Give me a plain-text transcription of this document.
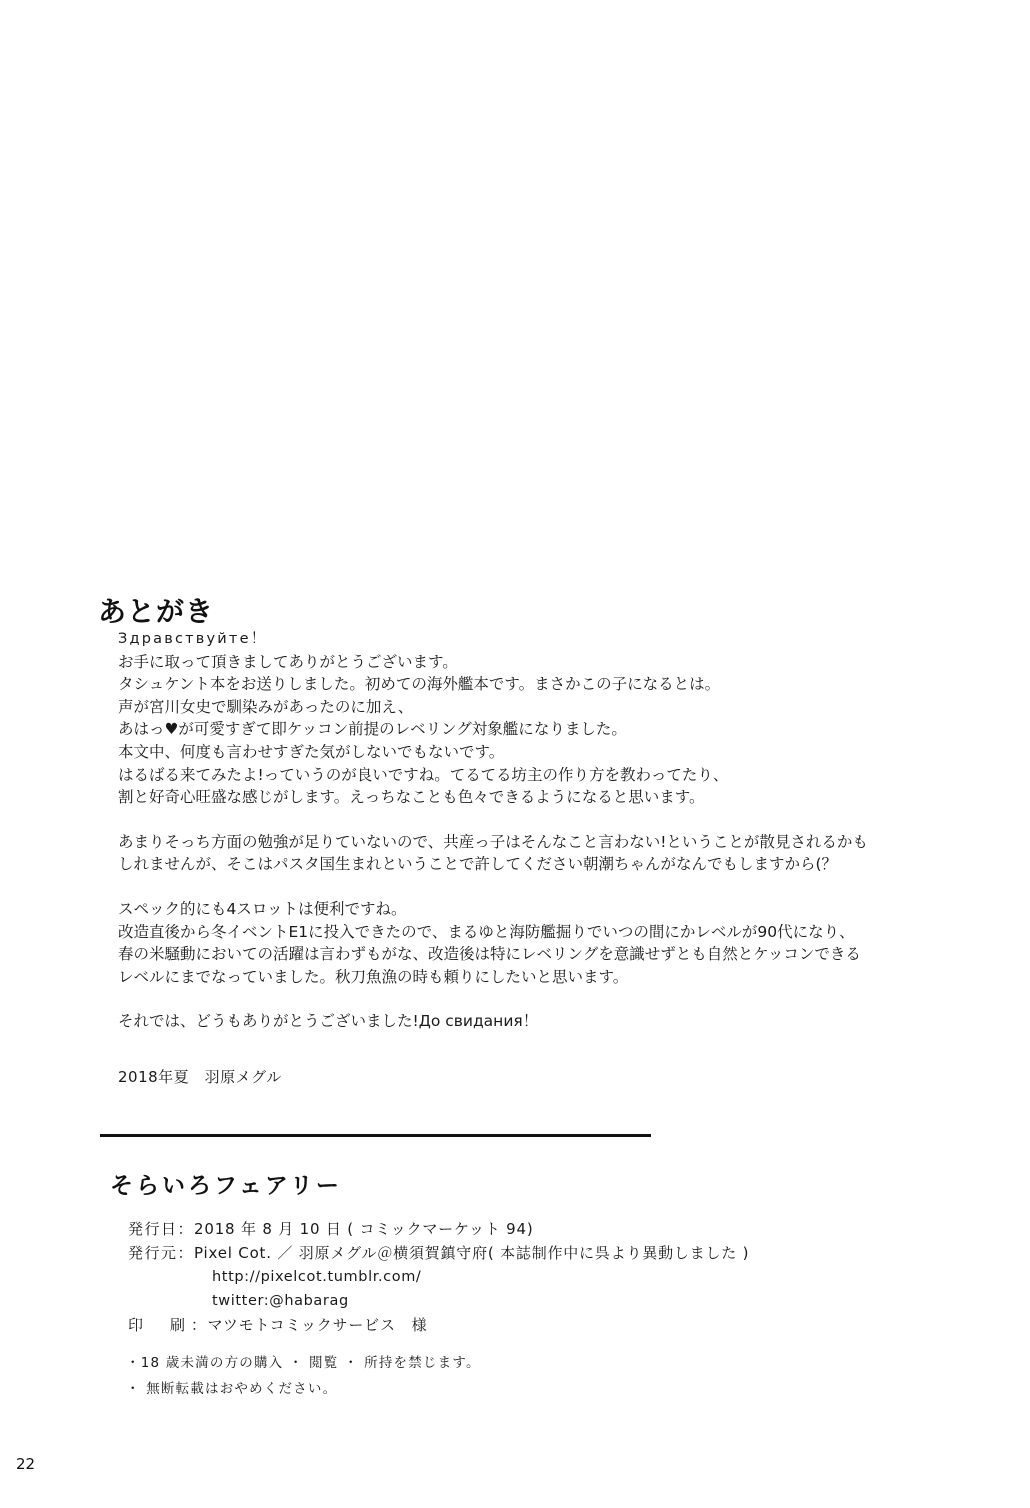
あとがき

Здравствуйте！

お手に取って頂きましてありがとうございます。

タシュケント本をお送りしました。初めての海外艦本です。まさかこの子になるとは。

声が宮川女史で馴染みがあったのに加え、

あはっ♥が可愛すぎて即ケッコン前提のレベリング対象艦になりました。

本文中、何度も言わせすぎた気がしないでもないです。

はるばる来てみたよ!っていうのが良いですね。てるてる坊主の作り方を教わってたり、

割と好奇心旺盛な感じがします。えっちなことも色々できるようになると思います。

あまりそっち方面の勉強が足りていないので、共産っ子はそんなこと言わない!ということが散見されるかも

しれませんが、そこはパスタ国生まれということで許してください朝潮ちゃんがなんでもしますから(？

スペック的にも4スロットは便利ですね。

改造直後から冬イベントE1に投入できたので、まるゆと海防艦掘りでいつの間にかレベルが90代になり、

春の米騒動においての活躍は言わずもがな、改造後は特にレベリングを意識せずとも自然とケッコンできる

レベルにまでなっていました。秋刀魚漁の時も頼りにしたいと思います。

それでは、どうもありがとうございました!До свидания！

2018年夏　羽原メグル
そらいろフェアリー
発行日 ： 2018 年 8 月 10 日 ( コミックマーケット 94)
発行元 ： Pixel Cot. ／ 羽原メグル＠横須賀鎮守府 ( 本誌制作中に呉より異動しました )
http://pixelcot.tumblr.com/
twitter:@habarag
印　刷 ： マツモトコミックサービス　様
・18 歳未満の方の購入 ・ 閲覧 ・ 所持を禁じます。
・ 無断転載はおやめください。
22
